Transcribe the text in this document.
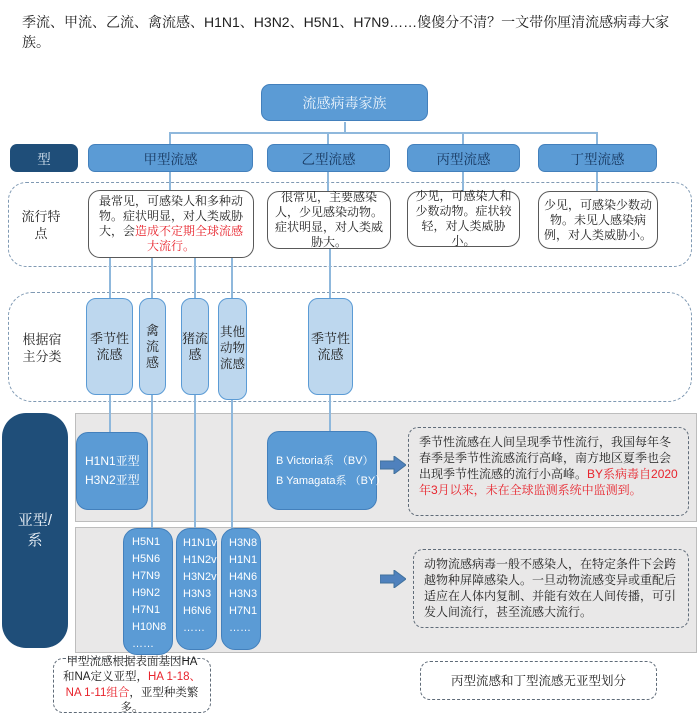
季流、甲流、乙流、禽流感、H1N1、H3N2、H5N1、H7N9……傻傻分不清？一文带你厘清流感病毒大家族。
流感病毒家族
型	甲型流感	乙型流感	丙型流感	丁型流感
流行特点
最常见，可感染人和多种动物。症状明显，对人类威胁大，会造成不定期全球流感大流行。
很常见，主要感染人，少见感染动物。症状明显，对人类威胁大。
少见，可感染人和少数动物。症状较轻，对人类威胁小。
少见，可感染少数动物。未见人感染病例，对人类威胁小。
根据宿主分类
季节性流感
禽流感
猪流感
其他动物流感
季节性流感
亚型/系
H1N1亚型
H3N2亚型
B Victoria系 （BV）
B Yamagata系 （BY）
季节性流感在人间呈现季节性流行，我国每年冬春季是季节性流感流行高峰，南方地区夏季也会出现季节性流感的流行小高峰。BY系病毒自2020年3月以来，未在全球监测系统中监测到。
H5N1
H5N6
H7N9
H9N2
H7N1
H10N8
……
H1N1v
H1N2v
H3N2v
H3N3
H6N6
……
H3N8
H1N1
H4N6
H3N3
H7N1
……
动物流感病毒一般不感染人，在特定条件下会跨越物种屏障感染人。一旦动物流感变异或重配后适应在人体内复制、并能有效在人间传播，可引发人间流行，甚至流感大流行。
甲型流感根据表面基因HA和NA定义亚型，HA 1-18、NA 1-11组合，亚型种类繁多。
丙型流感和丁型流感无亚型划分
